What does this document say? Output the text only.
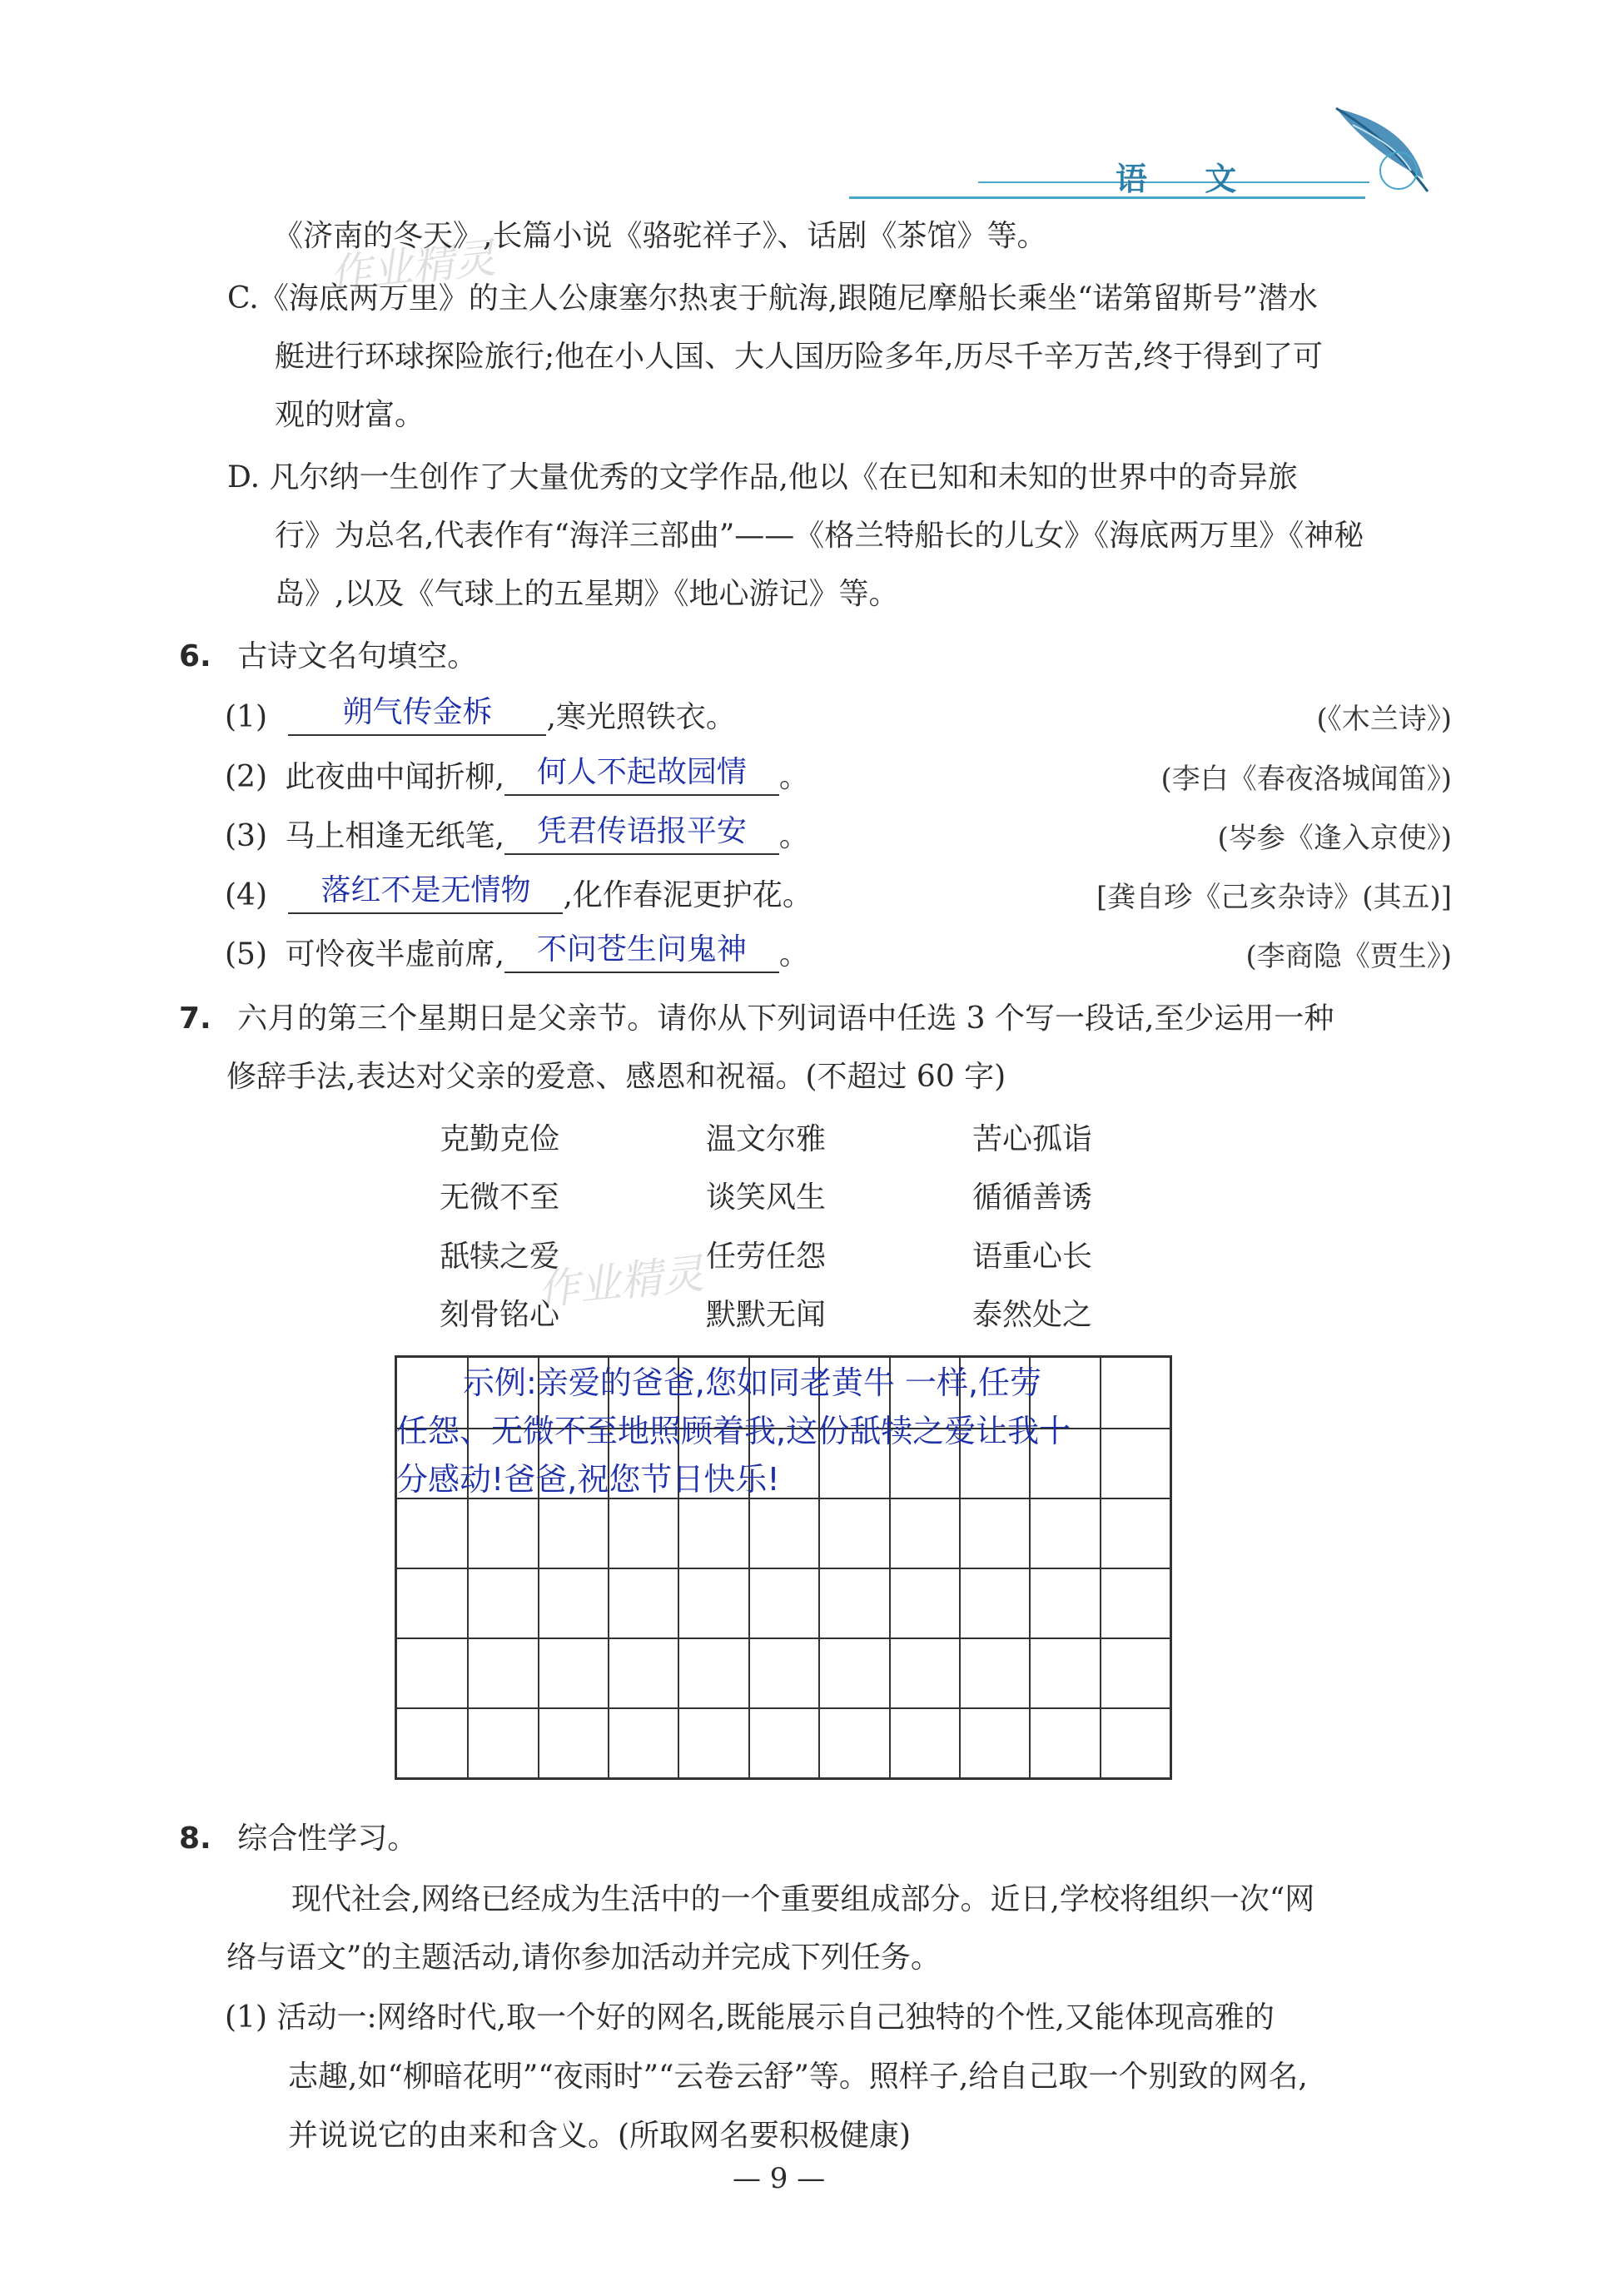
语 文
作业精灵
作业精灵
《济南的冬天》,长篇小说《骆驼祥子》、话剧《茶馆》等。
C.《海底两万里》的主人公康塞尔热衷于航海,跟随尼摩船长乘坐“诺第留斯号”潜水
艇进行环球探险旅行;他在小人国、大人国历险多年,历尽千辛万苦,终于得到了可
观的财富。
D. 凡尔纳一生创作了大量优秀的文学作品,他以《在已知和未知的世界中的奇异旅
行》为总名,代表作有“海洋三部曲”——《格兰特船长的儿女》《海底两万里》《神秘
岛》,以及《气球上的五星期》《地心游记》等。
6. 古诗文名句填空。
(1)	朔气传金柝	,寒光照铁衣。	(《木兰诗》)
(2) 此夜曲中闻折柳,	何人不起故园情	。	(李白《春夜洛城闻笛》)
(3) 马上相逢无纸笔,	凭君传语报平安	。	(岑参《逢入京使》)
(4)	落红不是无情物	,化作春泥更护花。	[龚自珍《己亥杂诗》(其五)]
(5) 可怜夜半虚前席,	不问苍生问鬼神	。	(李商隐《贾生》)
7. 六月的第三个星期日是父亲节。请你从下列词语中任选 3 个写一段话,至少运用一种
修辞手法,表达对父亲的爱意、感恩和祝福。(不超过 60 字)
克勤克俭	温文尔雅	苦心孤诣
无微不至	谈笑风生	循循善诱
舐犊之爱	任劳任怨	语重心长
刻骨铭心	默默无闻	泰然处之
示例:亲爱的爸爸,您如同老黄牛 一样,任劳
任怨、无微不至地照顾着我,这份舐犊之爱让我十
分感动!爸爸,祝您节日快乐!
8. 综合性学习。
现代社会,网络已经成为生活中的一个重要组成部分。近日,学校将组织一次“网
络与语文”的主题活动,请你参加活动并完成下列任务。
(1) 活动一:网络时代,取一个好的网名,既能展示自己独特的个性,又能体现高雅的
志趣,如“柳暗花明”“夜雨时”“云卷云舒”等。照样子,给自己取一个别致的网名,
并说说它的由来和含义。(所取网名要积极健康)
— 9 —
